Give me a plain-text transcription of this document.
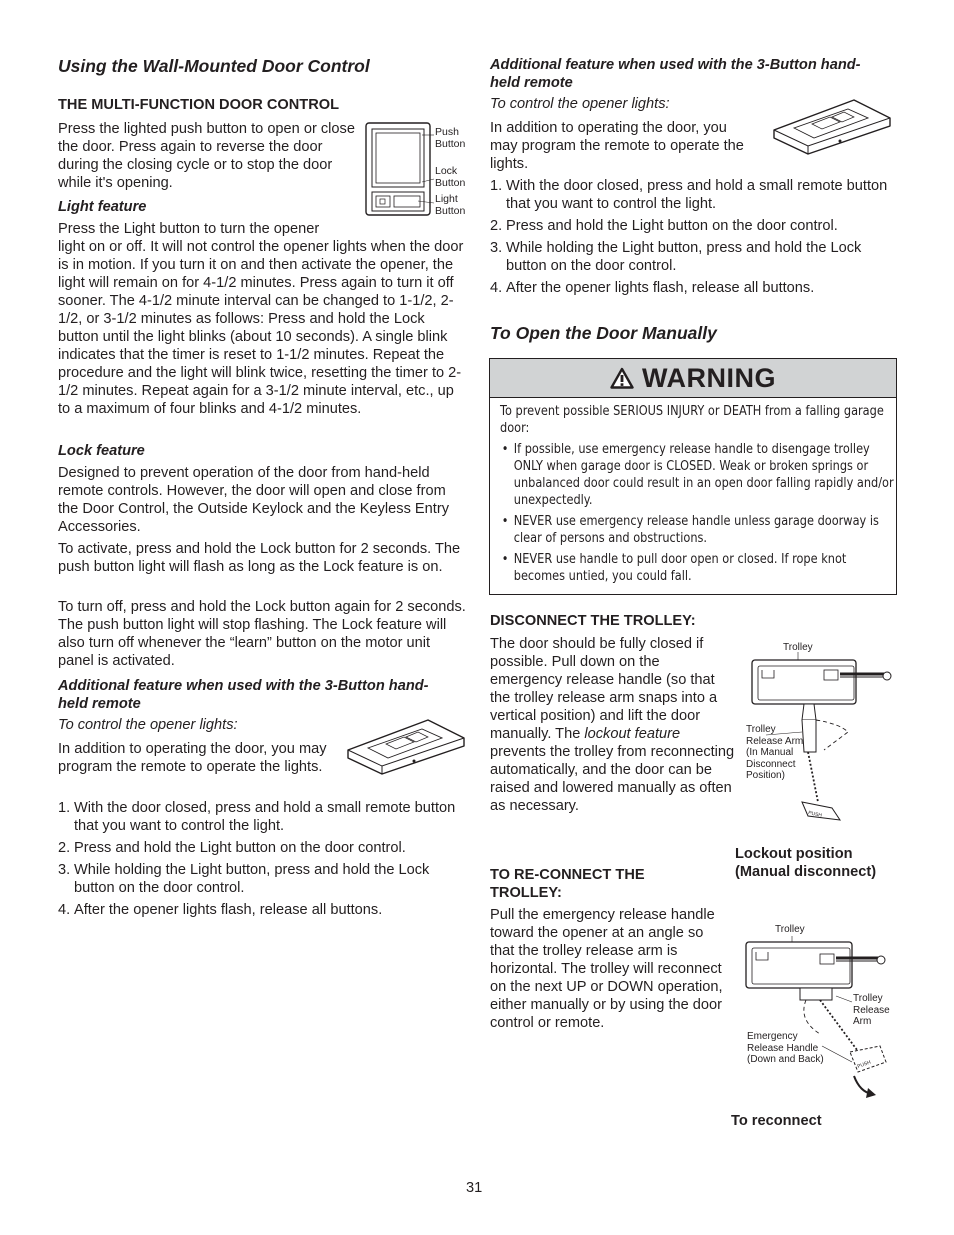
Using the Wall-Mounted Door Control
THE MULTI-FUNCTION DOOR CONTROL

Press the lighted push button to open or close the door. Press again to reverse the door during the closing cycle or to stop the door while it's opening.

Push
Button
Lock
Button
Light
Button
Light feature

Press the Light button to turn the opener

light on or off. It will not control the opener lights when the door is in motion. If you turn it on and then activate the opener, the light will remain on for 4-1/2 minutes. Press again to turn it off sooner. The 4-1/2 minute interval can be changed to 1-1/2, 2-1/2, or 3-1/2 minutes as follows: Press and hold the Lock button until the light blinks (about 10 seconds). A single blink indicates that the timer is reset to 1-1/2 minutes. Repeat the procedure and the light will blink twice, resetting the timer to 2-1/2 minutes. Repeat again for a 3-1/2 minute interval, etc., up to a maximum of four blinks and 4-1/2 minutes.

Lock feature

Designed to prevent operation of the door from hand-held remote controls. However, the door will open and close from the Door Control, the Outside Keylock and the Keyless Entry Accessories.

To activate, press and hold the Lock button for 2 seconds. The push button light will flash as long as the Lock feature is on.

To turn off, press and hold the Lock button again for 2 seconds. The push button light will stop flashing. The Lock feature will also turn off whenever the “learn” button on the motor unit panel is activated.

Additional feature when used with the 3-Button hand-held remote
To control the opener lights:

In addition to operating the door, you may program the remote to operate the lights.

1. With the door closed, press and hold a small remote button that you want to control the light.
2. Press and hold the Light button on the door control.
3. While holding the Light button, press and hold the Lock button on the door control.
4. After the opener lights flash, release all buttons.
Additional feature when used with the 3-Button hand-held remote
To control the opener lights:

In addition to operating the door, you may program the remote to operate the lights.

1. With the door closed, press and hold a small remote button that you want to control the light.
2. Press and hold the Light button on the door control.
3. While holding the Light button, press and hold the Lock button on the door control.
4. After the opener lights flash, release all buttons.
To Open the Door Manually
WARNING
To prevent possible SERIOUS INJURY or DEATH from a falling garage door:
• If possible, use emergency release handle to disengage trolley ONLY when garage door is CLOSED. Weak or broken springs or unbalanced door could result in an open door falling rapidly and/or unexpectedly.
• NEVER use emergency release handle unless garage doorway is clear of persons and obstructions.
• NEVER use handle to pull door open or closed. If rope knot becomes untied, you could fall.
DISCONNECT THE TROLLEY:

The door should be fully closed if possible. Pull down on the emergency release handle (so that the trolley release arm snaps into a vertical position) and lift the door manually. The lockout feature prevents the trolley from reconnecting automatically, and the door can be raised and lowered manually as often as necessary.

PUSH
Trolley
Trolley
Release Arm
(In Manual
Disconnect
Position)
Lockout position
(Manual disconnect)
TO RE-CONNECT THE
TROLLEY:

Pull the emergency release handle toward the opener at an angle so that the trolley release arm is horizontal. The trolley will reconnect on the next UP or DOWN operation, either manually or by using the door control or remote.

PUSH
Trolley
Trolley
Release
Arm
Emergency
Release Handle
(Down and Back)
To reconnect
31
